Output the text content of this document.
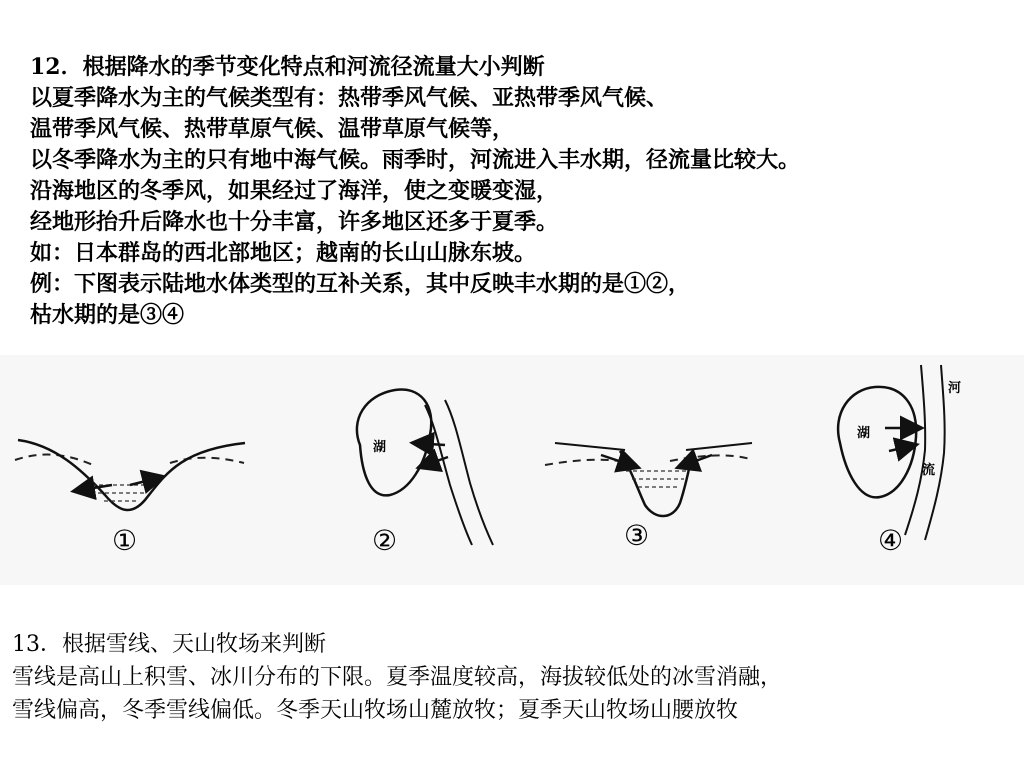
12．根据降水的季节变化特点和河流径流量大小判断
以夏季降水为主的气候类型有：热带季风气候、亚热带季风气候、
温带季风气候、热带草原气候、温带草原气候等，
以冬季降水为主的只有地中海气候。雨季时，河流进入丰水期，径流量比较大。
沿海地区的冬季风，如果经过了海洋，使之变暖变湿，
经地形抬升后降水也十分丰富，许多地区还多于夏季。
如：日本群岛的西北部地区；越南的长山山脉东坡。
例：下图表示陆地水体类型的互补关系，其中反映丰水期的是①②，
枯水期的是③④
①
湖
②	③
湖
河
流
④
13．根据雪线、天山牧场来判断
雪线是高山上积雪、冰川分布的下限。夏季温度较高，海拔较低处的冰雪消融，
雪线偏高，冬季雪线偏低。冬季天山牧场山麓放牧；夏季天山牧场山腰放牧
